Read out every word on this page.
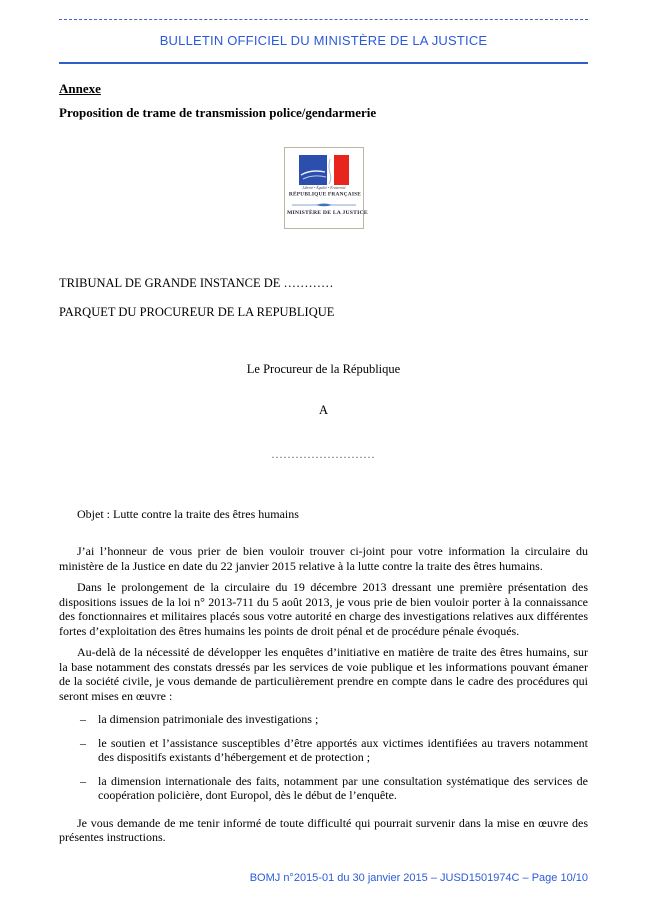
BULLETIN OFFICIEL DU MINISTÈRE DE LA JUSTICE
Annexe
Proposition de trame de transmission police/gendarmerie
Liberté • Égalité • Fraternité
RÉPUBLIQUE FRANÇAISE
MINISTÈRE DE LA JUSTICE
TRIBUNAL DE GRANDE INSTANCE DE …………
PARQUET DU PROCUREUR DE LA REPUBLIQUE
Le Procureur de la République
A
..........................
Objet : Lutte contre la traite des êtres humains
J’ai l’honneur de vous prier de bien vouloir trouver ci-joint pour votre information la circulaire du ministère de la Justice en date du 22 janvier 2015 relative à la lutte contre la traite des êtres humains.
Dans le prolongement de la circulaire du 19 décembre 2013 dressant une première présentation des dispositions issues de la loi n° 2013-711 du 5 août 2013, je vous prie de bien vouloir porter à la connaissance des fonctionnaires et militaires placés sous votre autorité en charge des investigations relatives aux différentes fortes d’exploitation des êtres humains les points de droit pénal et de procédure pénale évoqués.
Au-delà de la nécessité de développer les enquêtes d’initiative en matière de traite des êtres humains, sur la base notamment des constats dressés par les services de voie publique et les informations pouvant émaner de la société civile, je vous demande de particulièrement prendre en compte dans le cadre des procédures qui seront mises en œuvre :
–	la dimension patrimoniale des investigations ;
–	le soutien et l’assistance susceptibles d’être apportés aux victimes identifiées au travers notamment des dispositifs existants d’hébergement et de protection ;
–	la dimension internationale des faits, notamment par une consultation systématique des services de coopération policière, dont Europol, dès le début de l’enquête.
Je vous demande de me tenir informé de toute difficulté qui pourrait survenir dans la mise en œuvre des présentes instructions.
BOMJ n°2015-01 du 30 janvier 2015 – JUSD1501974C – Page 10/10
